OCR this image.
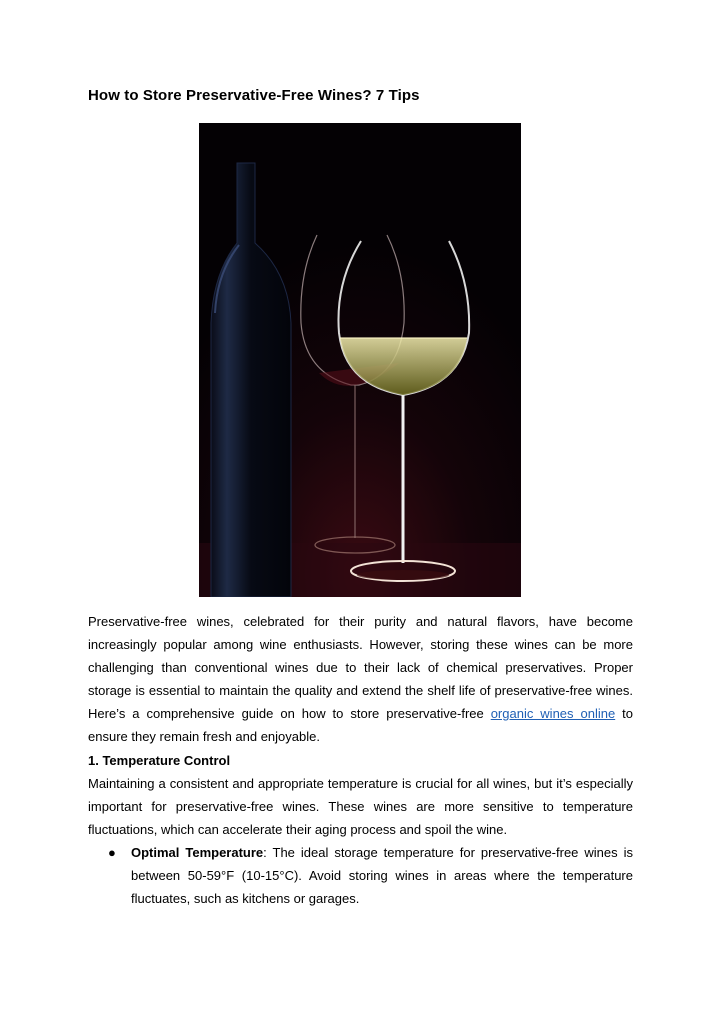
How to Store Preservative-Free Wines? 7 Tips

Preservative-free wines, celebrated for their purity and natural flavors, have become increasingly popular among wine enthusiasts. However, storing these wines can be more challenging than conventional wines due to their lack of chemical preservatives. Proper storage is essential to maintain the quality and extend the shelf life of preservative-free wines. Here’s a comprehensive guide on how to store preservative-free organic wines online to ensure they remain fresh and enjoyable.

1. Temperature Control

Maintaining a consistent and appropriate temperature is crucial for all wines, but it’s especially important for preservative-free wines. These wines are more sensitive to temperature fluctuations, which can accelerate their aging process and spoil the wine.

● Optimal Temperature: The ideal storage temperature for preservative-free wines is between 50-59°F (10-15°C). Avoid storing wines in areas where the temperature fluctuates, such as kitchens or garages.
